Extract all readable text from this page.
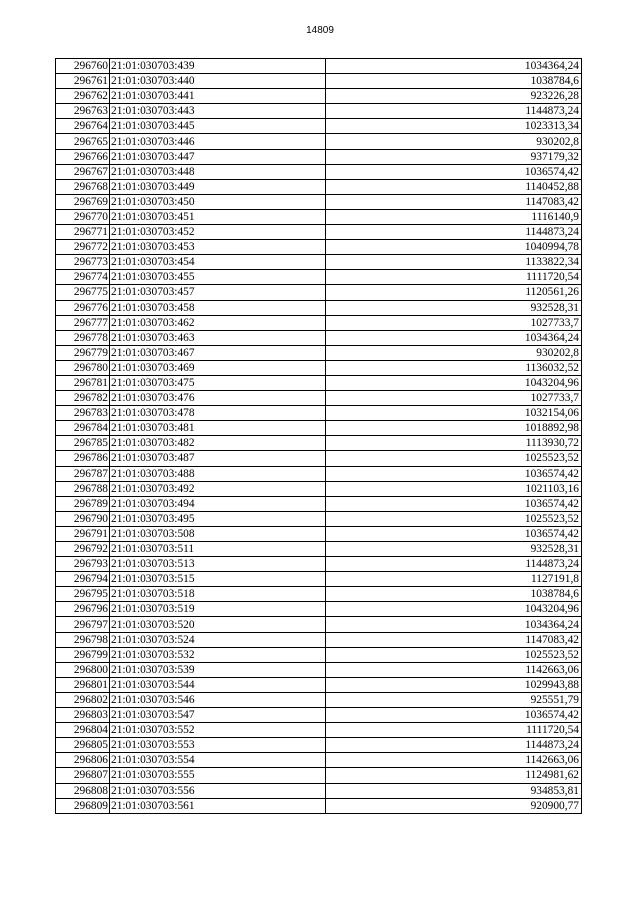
14809
296760	21:01:030703:439	1034364,24
296761	21:01:030703:440	1038784,6
296762	21:01:030703:441	923226,28
296763	21:01:030703:443	1144873,24
296764	21:01:030703:445	1023313,34
296765	21:01:030703:446	930202,8
296766	21:01:030703:447	937179,32
296767	21:01:030703:448	1036574,42
296768	21:01:030703:449	1140452,88
296769	21:01:030703:450	1147083,42
296770	21:01:030703:451	1116140,9
296771	21:01:030703:452	1144873,24
296772	21:01:030703:453	1040994,78
296773	21:01:030703:454	1133822,34
296774	21:01:030703:455	1111720,54
296775	21:01:030703:457	1120561,26
296776	21:01:030703:458	932528,31
296777	21:01:030703:462	1027733,7
296778	21:01:030703:463	1034364,24
296779	21:01:030703:467	930202,8
296780	21:01:030703:469	1136032,52
296781	21:01:030703:475	1043204,96
296782	21:01:030703:476	1027733,7
296783	21:01:030703:478	1032154,06
296784	21:01:030703:481	1018892,98
296785	21:01:030703:482	1113930,72
296786	21:01:030703:487	1025523,52
296787	21:01:030703:488	1036574,42
296788	21:01:030703:492	1021103,16
296789	21:01:030703:494	1036574,42
296790	21:01:030703:495	1025523,52
296791	21:01:030703:508	1036574,42
296792	21:01:030703:511	932528,31
296793	21:01:030703:513	1144873,24
296794	21:01:030703:515	1127191,8
296795	21:01:030703:518	1038784,6
296796	21:01:030703:519	1043204,96
296797	21:01:030703:520	1034364,24
296798	21:01:030703:524	1147083,42
296799	21:01:030703:532	1025523,52
296800	21:01:030703:539	1142663,06
296801	21:01:030703:544	1029943,88
296802	21:01:030703:546	925551,79
296803	21:01:030703:547	1036574,42
296804	21:01:030703:552	1111720,54
296805	21:01:030703:553	1144873,24
296806	21:01:030703:554	1142663,06
296807	21:01:030703:555	1124981,62
296808	21:01:030703:556	934853,81
296809	21:01:030703:561	920900,77
